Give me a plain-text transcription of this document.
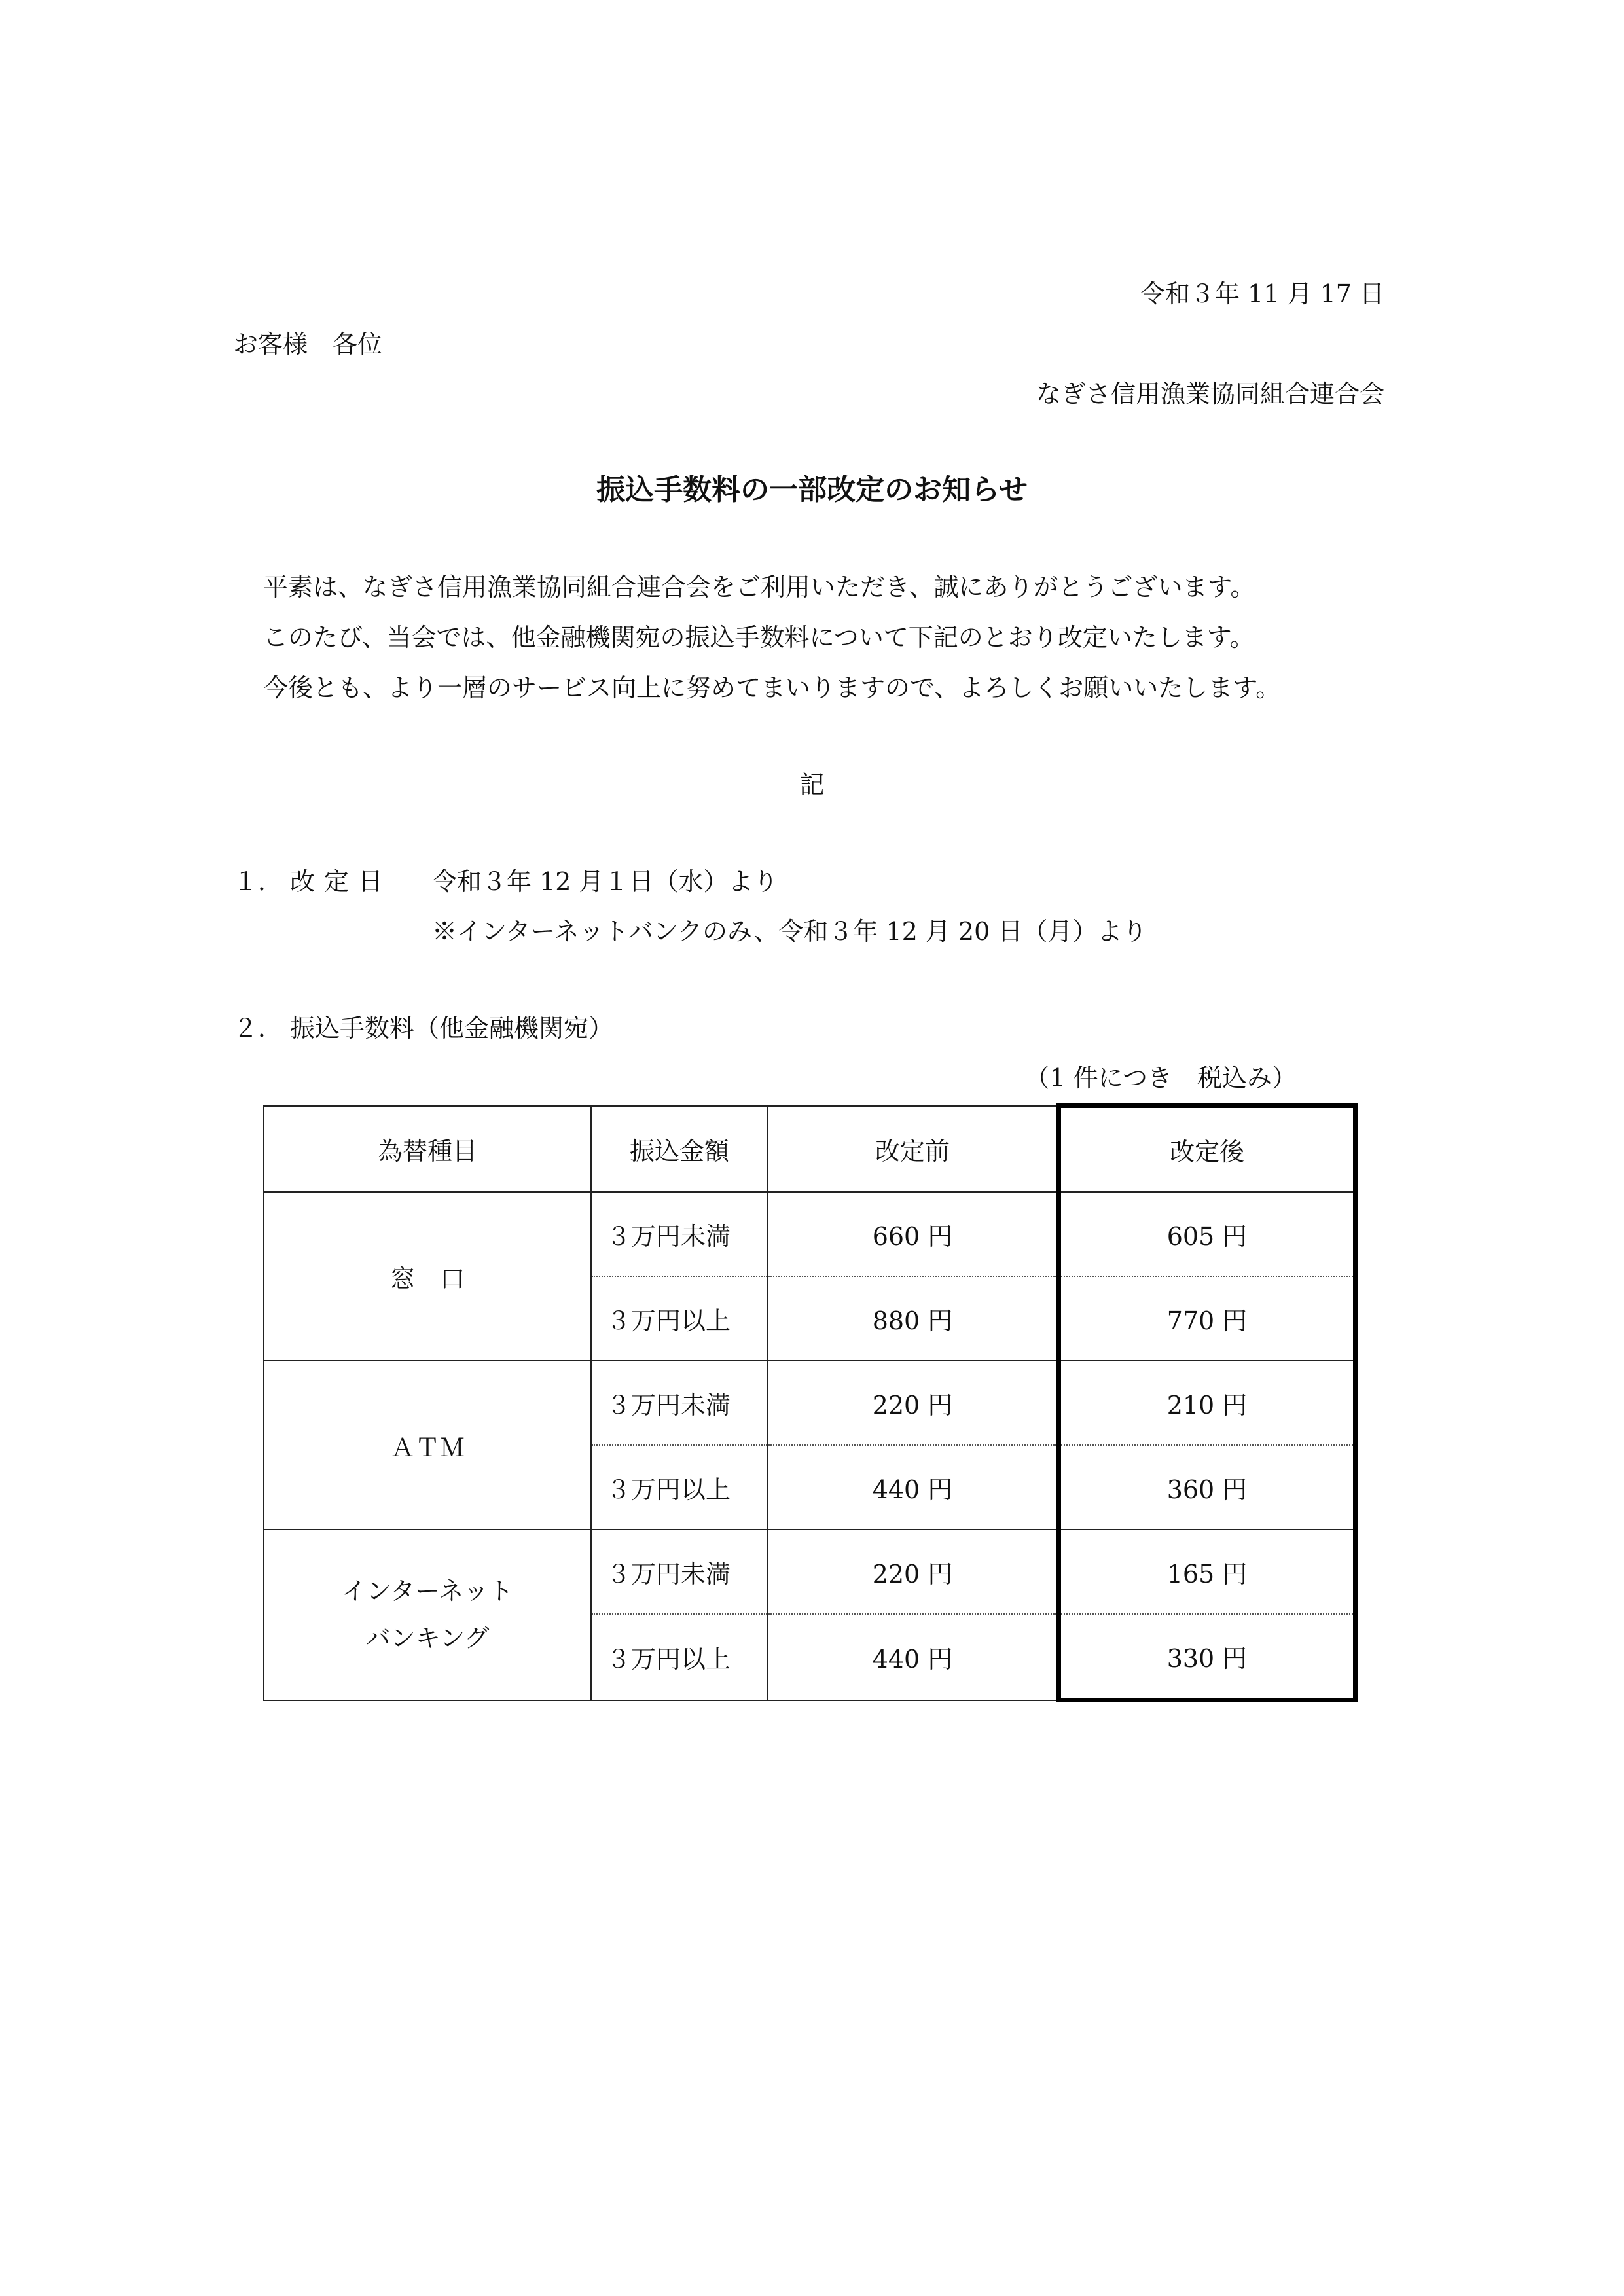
令和３年 11 月 17 日
お客様　各位
なぎさ信用漁業協同組合連合会
振込手数料の一部改定のお知らせ
平素は、なぎさ信用漁業協同組合連合会をご利用いただき、誠にありがとうございます。
このたび、当会では、他金融機関宛の振込手数料について下記のとおり改定いたします。
今後とも、より一層のサービス向上に努めてまいりますので、よろしくお願いいたします。
記
１． 改定日 令和３年 12 月１日（水）より
※インターネットバンクのみ、令和３年 12 月 20 日（月）より
２． 振込手数料（他金融機関宛）
（1 件につき　税込み）
為替種目	振込金額	改定前	改定後
窓　口	３万円未満	660 円	605 円
	３万円以上	880 円	770 円
ＡＴＭ	３万円未満	220 円	210 円
	３万円以上	440 円	360 円

インターネット
バンキング	３万円未満	220 円	165 円
	３万円以上	440 円	330 円
